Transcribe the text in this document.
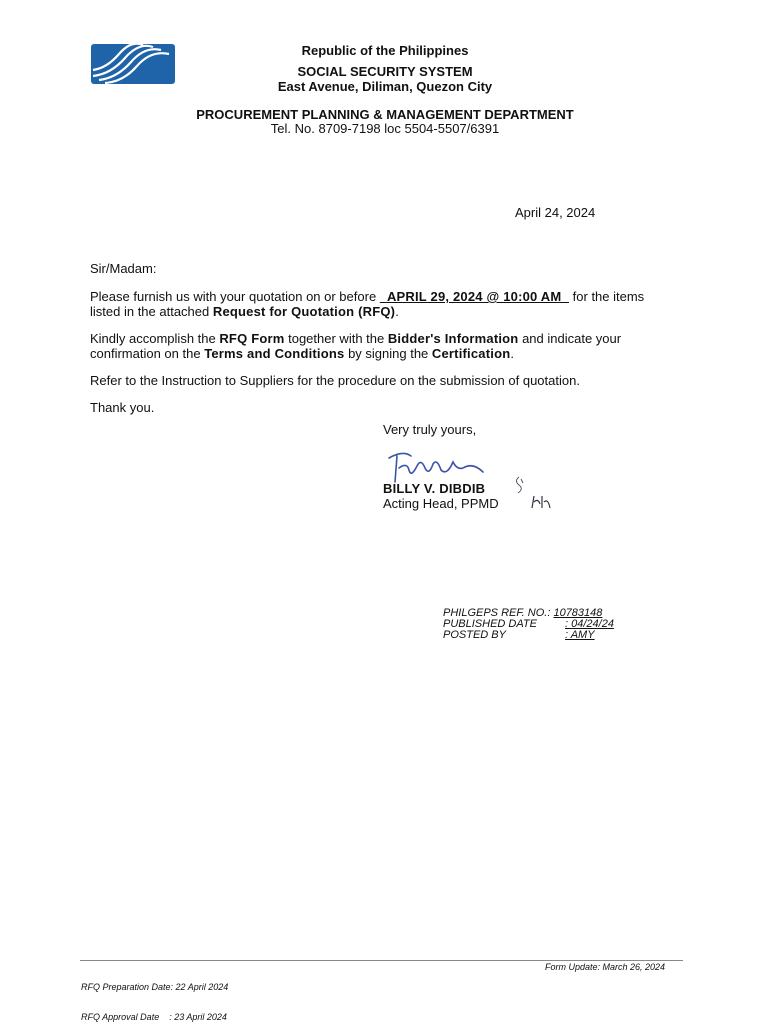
Republic of the Philippines
SOCIAL SECURITY SYSTEM
East Avenue, Diliman, Quezon City
PROCUREMENT PLANNING & MANAGEMENT DEPARTMENT
Tel. No. 8709-7198 loc 5504-5507/6391
April 24, 2024
Sir/Madam:
Please furnish us with your quotation on or before   APRIL 29, 2024 @ 10:00 AM   for the items
listed in the attached Request for Quotation (RFQ).
Kindly accomplish the RFQ Form together with the Bidder's Information and indicate your
confirmation on the Terms and Conditions by signing the Certification.
Refer to the Instruction to Suppliers for the procedure on the submission of quotation.
Thank you.
Very truly yours,
BILLY V. DIBDIB
Acting Head, PPMD
PHILGEPS REF. NO.: 10783148
PUBLISHED DATE	: 04/24/24
POSTED BY	: AMY

RFQ Preparation Date: 22 April 2024

RFQ Approval Date    : 23 April 2024

Form Update: March 26, 2024
